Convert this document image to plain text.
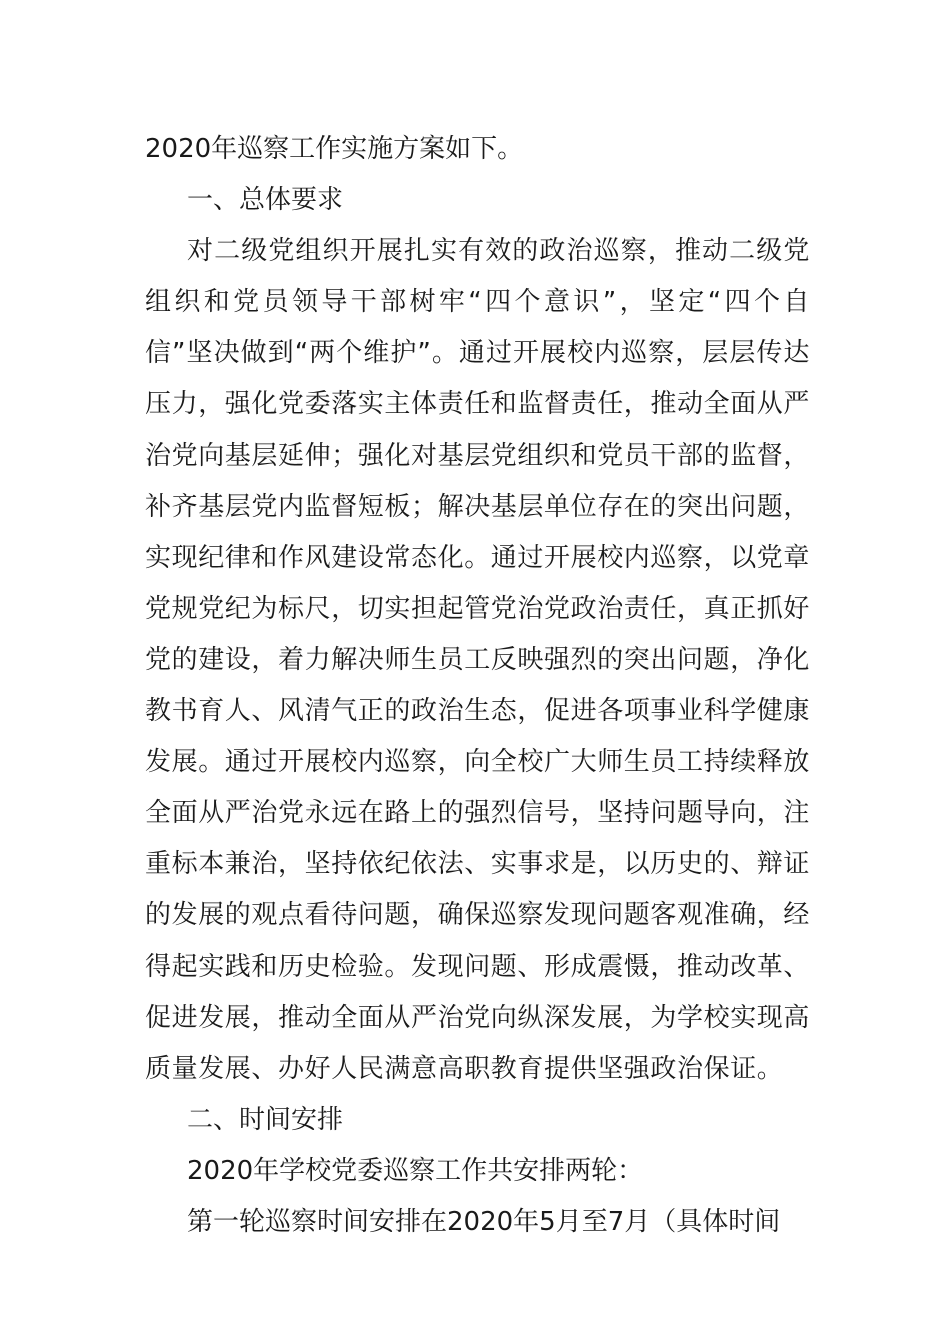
2020年巡察工作实施方案如下。

一、总体要求

对二级党组织开展扎实有效的政治巡察，推动二级党组织和党员领导干部树牢“四个意识”，坚定“四个自信”坚决做到“两个维护”。通过开展校内巡察，层层传达压力，强化党委落实主体责任和监督责任，推动全面从严治党向基层延伸；强化对基层党组织和党员干部的监督，补齐基层党内监督短板；解决基层单位存在的突出问题，实现纪律和作风建设常态化。通过开展校内巡察，以党章党规党纪为标尺，切实担起管党治党政治责任，真正抓好党的建设，着力解决师生员工反映强烈的突出问题，净化教书育人、风清气正的政治生态，促进各项事业科学健康发展。通过开展校内巡察，向全校广大师生员工持续释放全面从严治党永远在路上的强烈信号，坚持问题导向，注重标本兼治，坚持依纪依法、实事求是，以历史的、辩证的发展的观点看待问题，确保巡察发现问题客观准确，经得起实践和历史检验。发现问题、形成震慑，推动改革、促进发展，推动全面从严治党向纵深发展，为学校实现高质量发展、办好人民满意高职教育提供坚强政治保证。

二、时间安排

2020年学校党委巡察工作共安排两轮：

第一轮巡察时间安排在2020年5月至7月（具体时间
